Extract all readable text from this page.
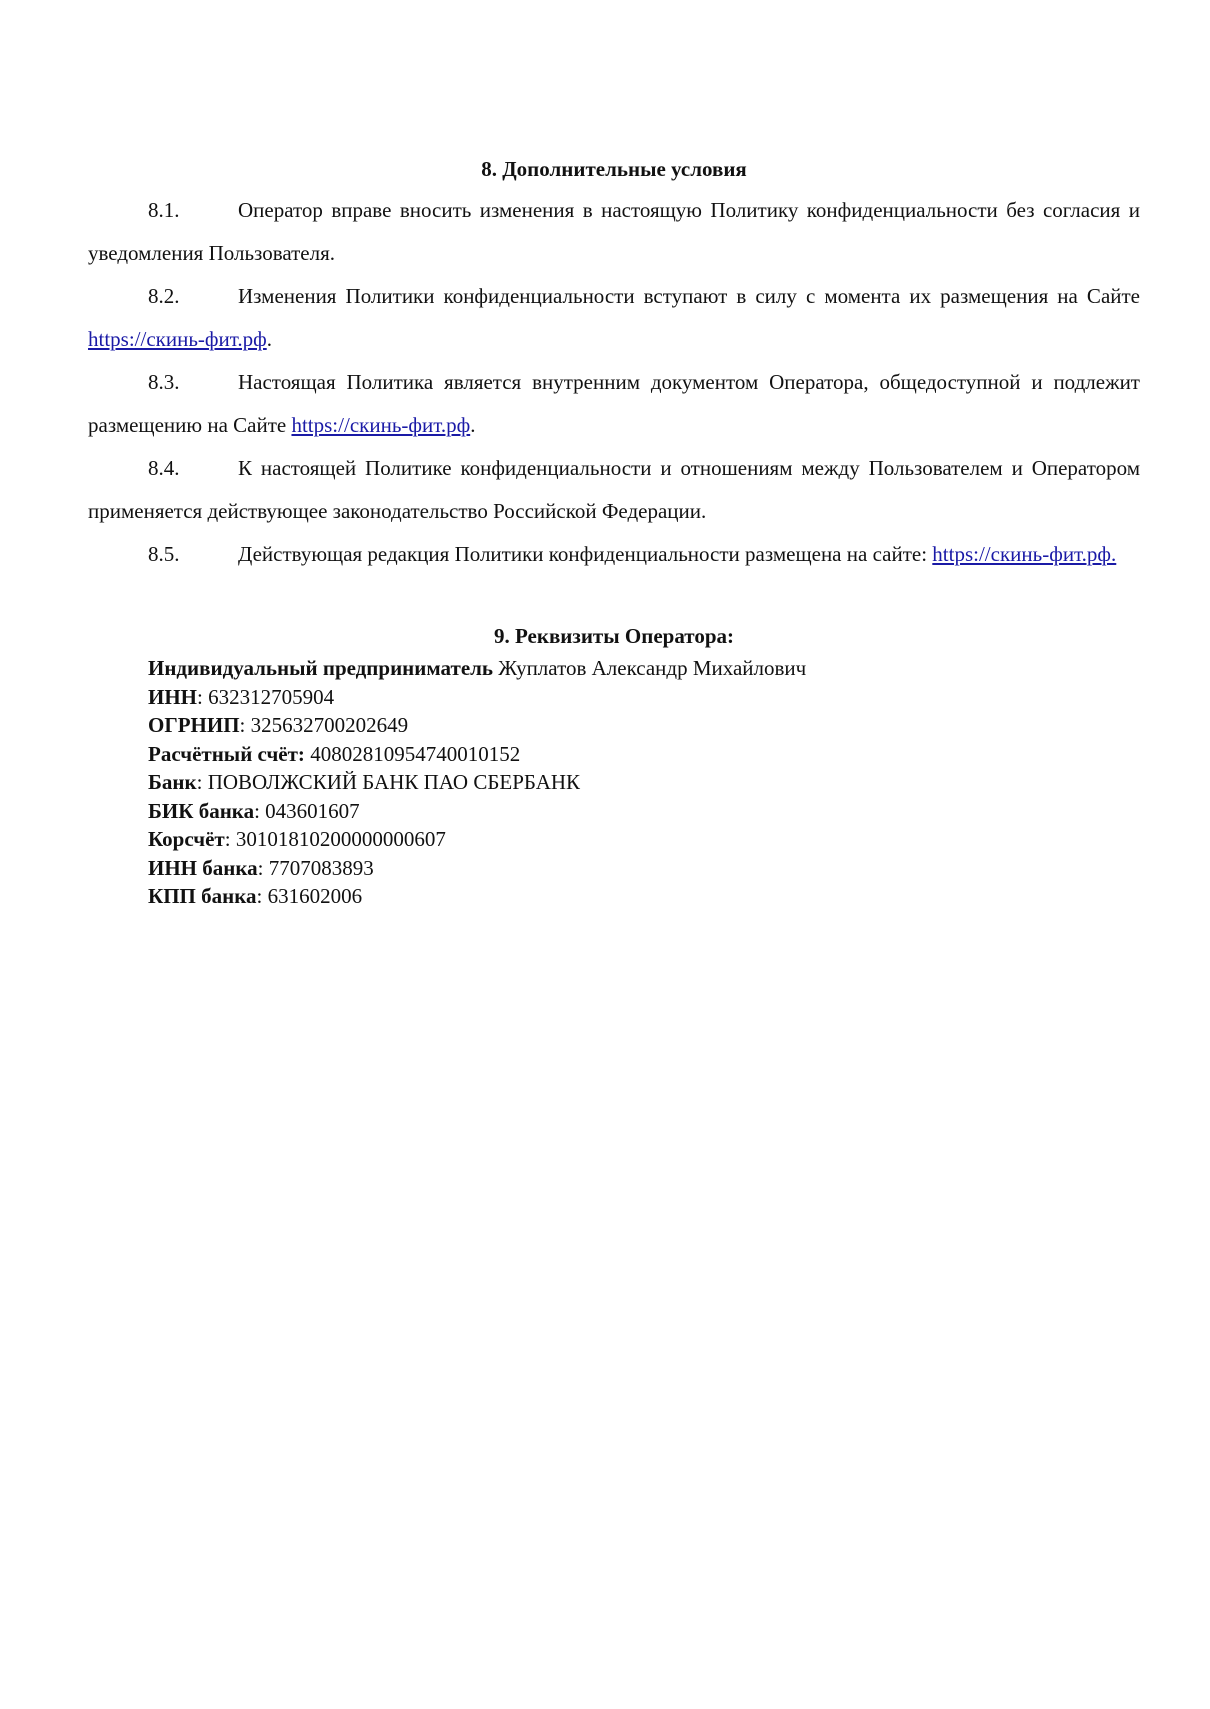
8. Дополнительные условия

8.1.	Оператор вправе вносить изменения в настоящую Политику конфиденциальности без согласия и уведомления Пользователя.

8.2.	Изменения Политики конфиденциальности вступают в силу с момента их размещения на Сайте https://скинь-фит.рф.

8.3.	Настоящая Политика является внутренним документом Оператора, общедоступной и подлежит размещению на Сайте https://скинь-фит.рф.

8.4.	К настоящей Политике конфиденциальности и отношениям между Пользователем и Оператором применяется действующее законодательство Российской Федерации.

8.5.	Действующая редакция Политики конфиденциальности размещена на сайте: https://скинь-фит.рф.

9. Реквизиты Оператора:

Индивидуальный предприниматель Жуплатов Александр Михайлович

ИНН: 632312705904

ОГРНИП: 325632700202649

Расчётный счёт: 40802810954740010152

Банк: ПОВОЛЖСКИЙ БАНК ПАО СБЕРБАНК

БИК банка: 043601607

Корсчёт: 30101810200000000607

ИНН банка: 7707083893

КПП банка: 631602006
